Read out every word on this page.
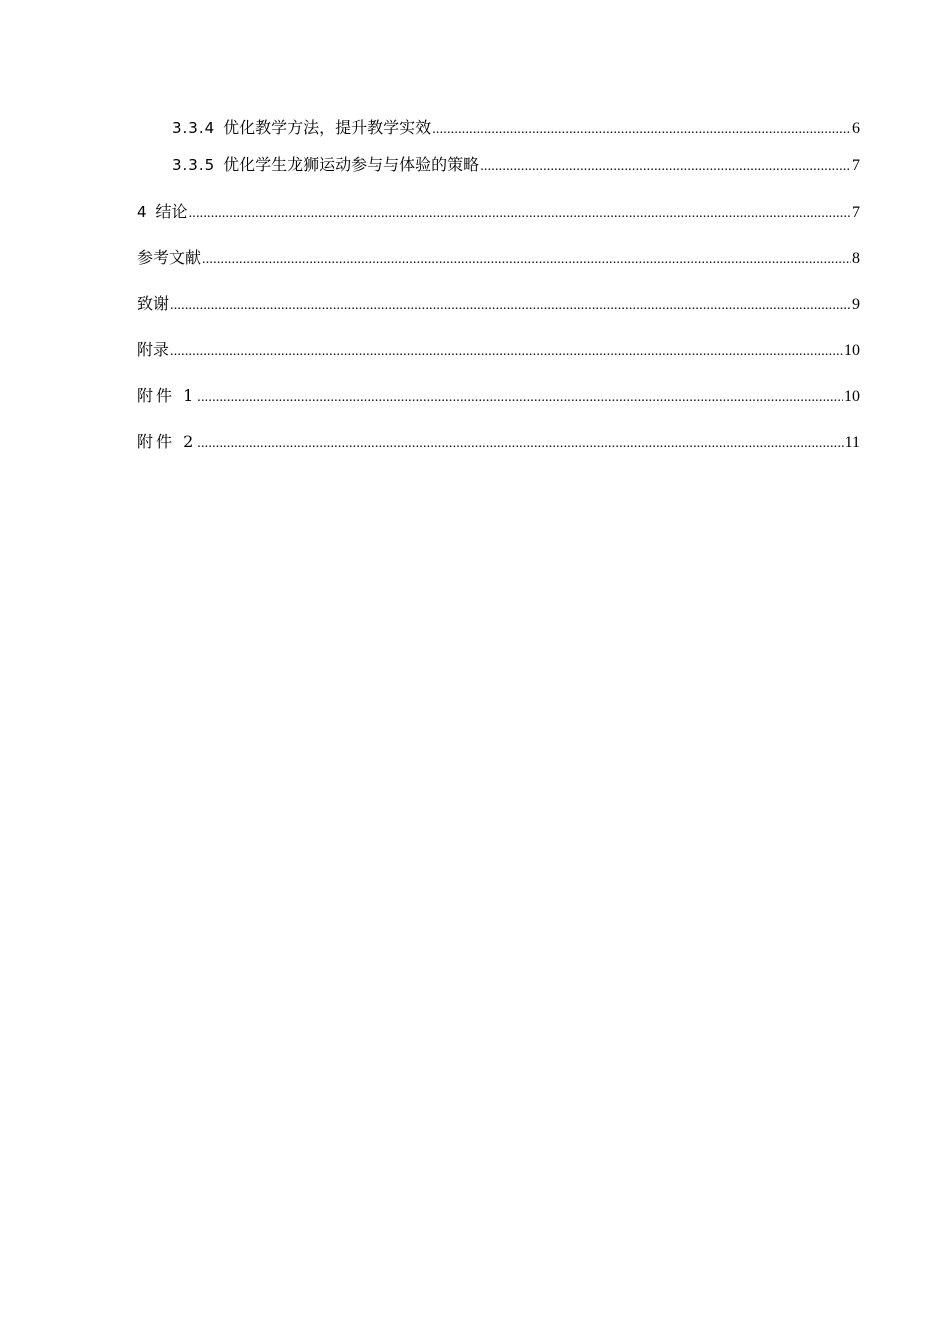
3.3.4 优化教学方法，提升教学实效 .....	6
3.3.5 优化学生龙狮运动参与与体验的策略 .....	7
4 结论 .....	7
参考文献 .....	8
致谢 .....	9
附录 .....	10
附件 1 .....	10
附件 2 .....	11
